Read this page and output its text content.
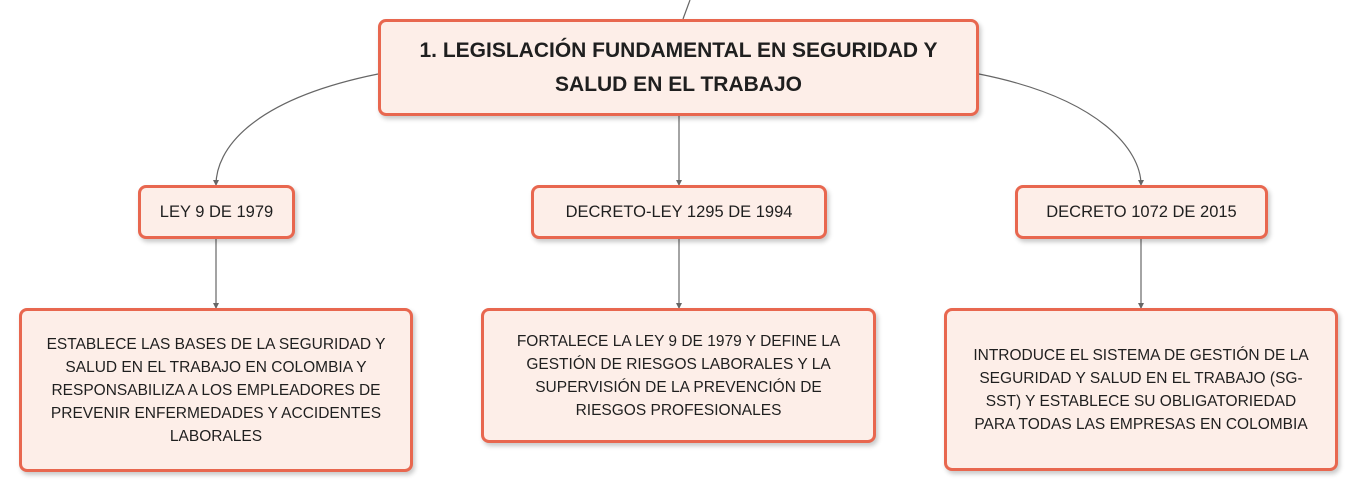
1. LEGISLACIÓN FUNDAMENTAL EN SEGURIDAD Y SALUD EN EL TRABAJO
LEY 9 DE 1979	DECRETO-LEY 1295 DE 1994	DECRETO 1072 DE 2015
ESTABLECE LAS BASES DE LA SEGURIDAD Y SALUD EN EL TRABAJO EN COLOMBIA Y RESPONSABILIZA A LOS EMPLEADORES DE PREVENIR ENFERMEDADES Y ACCIDENTES LABORALES
FORTALECE LA LEY 9 DE 1979 Y DEFINE LA GESTIÓN DE RIESGOS LABORALES Y LA SUPERVISIÓN DE LA PREVENCIÓN DE RIESGOS PROFESIONALES
INTRODUCE EL SISTEMA DE GESTIÓN DE LA SEGURIDAD Y SALUD EN EL TRABAJO (SG-SST) Y ESTABLECE SU OBLIGATORIEDAD PARA TODAS LAS EMPRESAS EN COLOMBIA
